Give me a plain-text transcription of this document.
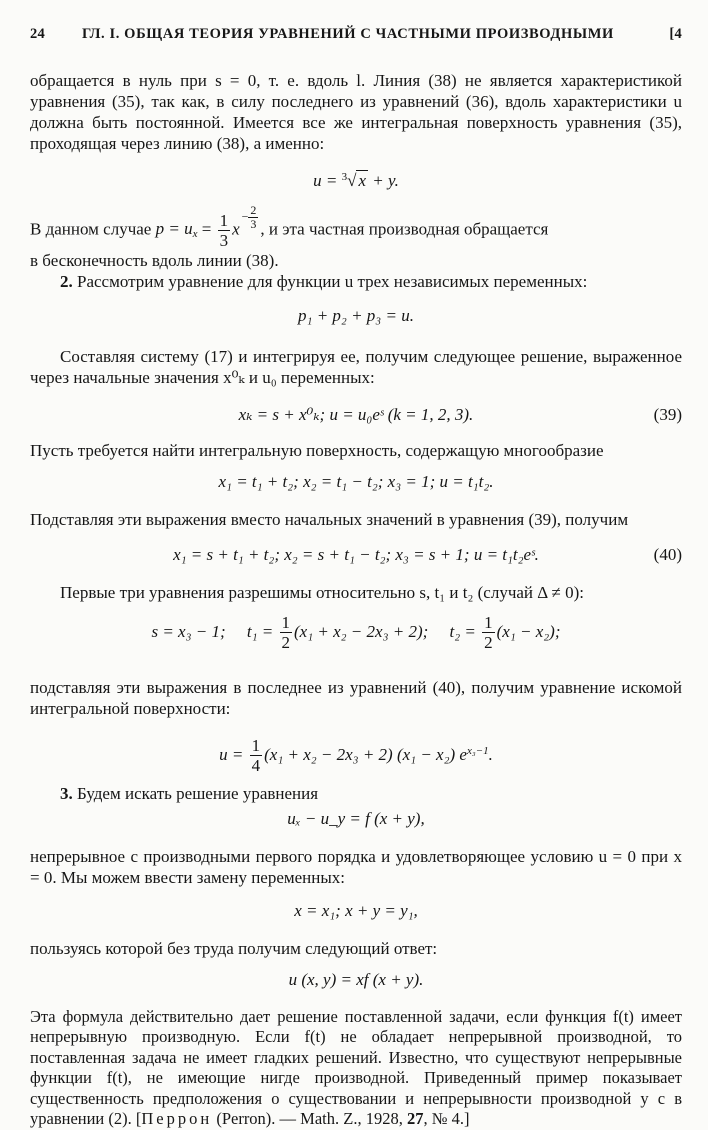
24	ГЛ. I. ОБЩАЯ ТЕОРИЯ УРАВНЕНИЙ С ЧАСТНЫМИ ПРОИЗВОДНЫМИ	[4

обращается в нуль при s = 0, т. е. вдоль l. Линия (38) не является характеристикой уравнения (35), так как, в силу последнего из уравнений (36), вдоль характеристики u должна быть постоянной. Имеется все же интегральная поверхность уравнения (35), проходящая через линию (38), а именно:

u = $^3$√ x + y.

В данном случае $p = u_x = \frac{1}{3} x- \frac{2}{3}$ , и эта частная производная обращается

в бесконечность вдоль линии (38).

2. Рассмотрим уравнение для функции u трех независимых переменных:

p₁ + p₂ + p₃ = u.

Составляя систему (17) и интегрируя ее, получим следующее решение, выраженное через начальные значения x⁰ₖ и u₀ переменных:

xₖ = s + x⁰ₖ; u = u₀eˢ (k = 1, 2, 3).	(39)

Пусть требуется найти интегральную поверхность, содержащую многообразие

x₁ = t₁ + t₂; x₂ = t₁ − t₂; x₃ = 1; u = t₁t₂.

Подставляя эти выражения вместо начальных значений в уравнения (39), получим

x₁ = s + t₁ + t₂; x₂ = s + t₁ − t₂; x₃ = s + 1; u = t₁t₂eˢ.	(40)

Первые три уравнения разрешимы относительно s, t₁ и t₂ (случай Δ ≠ 0):

s = x₃ − 1; $t_1 = \frac{1}{2} (x_1 + x_2 - 2x_3 + 2)$; $t_2 = \frac{1}{2} (x_1 - x_2)$;

подставляя эти выражения в последнее из уравнений (40), получим уравнение искомой интегральной поверхности:

$u = \frac{1}{4} (x_1 + x_2 - 2x_3 + 2) (x_1 - x_2)$ $e^{x_3-1}$.

3. Будем искать решение уравнения

uₓ − u_y = f (x + y),

непрерывное с производными первого порядка и удовлетворяющее условию u = 0 при x = 0. Мы можем ввести замену переменных:

x = x₁; x + y = y₁,

пользуясь которой без труда получим следующий ответ:

u (x, y) = xf (x + y).

Эта формула действительно дает решение поставленной задачи, если функция f(t) имеет непрерывную производную. Если f(t) не обладает непрерывной производной, то поставленная задача не имеет гладких решений. Известно, что существуют непрерывные функции f(t), не имеющие нигде производной. Приведенный пример показывает существенность предположения о существовании и непрерывности производной у c в уравнении (2). [Перрон (Perron). — Math. Z., 1928, 27, № 4.]
